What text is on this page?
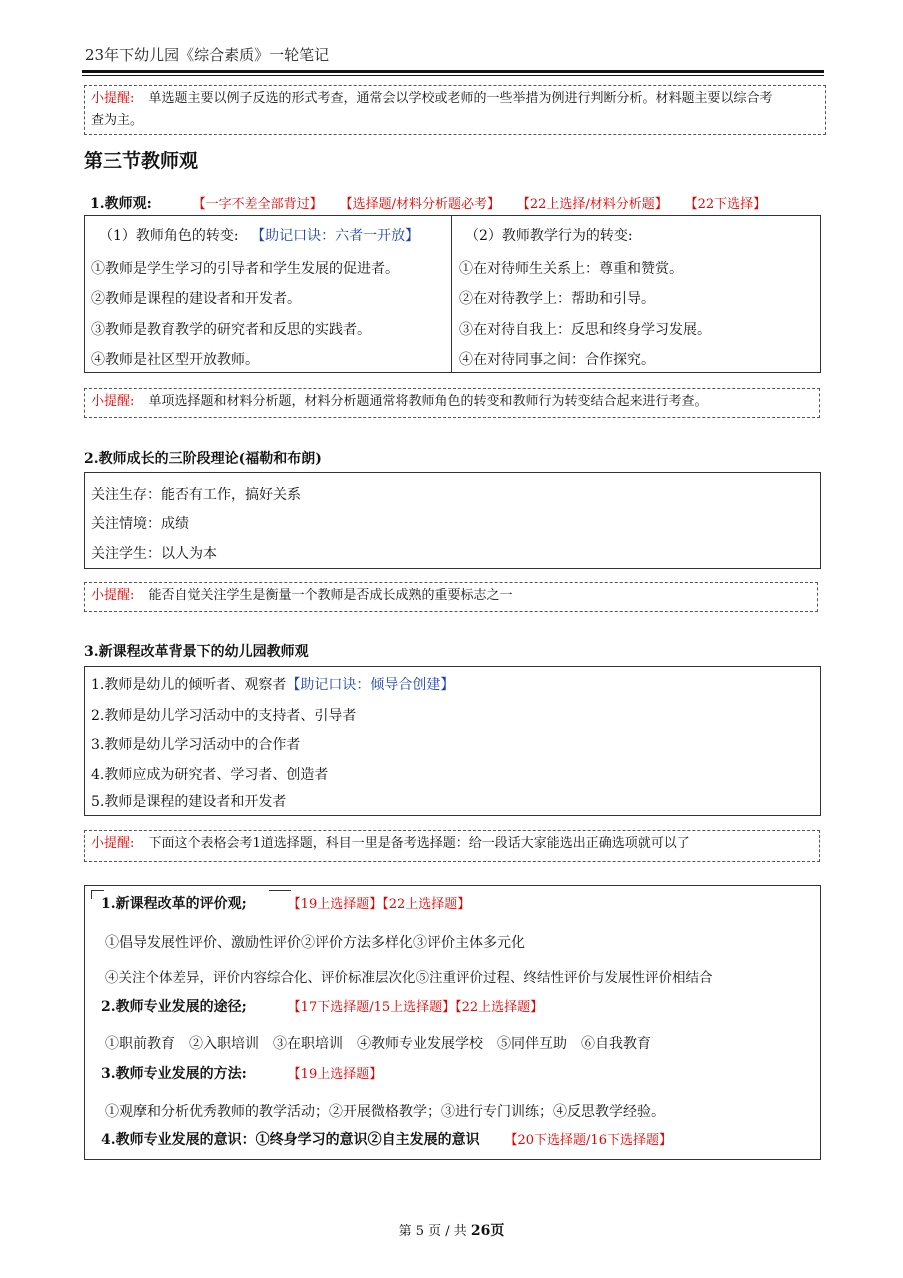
23年下幼儿园《综合素质》一轮笔记
小提醒: 单选题主要以例子反选的形式考查，通常会以学校或老师的一些举措为例进行判断分析。材料题主要以综合考
查为主。
第三节教师观
1.教师观:	【一字不差全部背过】 【选择题/材料分析题必考】 【22上选择/材料分析题】 【22下选择】
（1）教师角色的转变: 【助记口诀：六者一开放】
①教师是学生学习的引导者和学生发展的促进者。
②教师是课程的建设者和开发者。
③教师是教育教学的研究者和反思的实践者。
④教师是社区型开放教师。
（2）教师教学行为的转变:
①在对待师生关系上：尊重和赞赏。
②在对待教学上：帮助和引导。
③在对待自我上：反思和终身学习发展。
④在对待同事之间：合作探究。
小提醒: 单项选择题和材料分析题，材料分析题通常将教师角色的转变和教师行为转变结合起来进行考查。
2.教师成长的三阶段理论(福勒和布朗)
关注生存：能否有工作，搞好关系
关注情境：成绩
关注学生：以人为本
小提醒: 能否自觉关注学生是衡量一个教师是否成长成熟的重要标志之一
3.新课程改革背景下的幼儿园教师观
1.教师是幼儿的倾听者、观察者【助记口诀：倾导合创建】
2.教师是幼儿学习活动中的支持者、引导者
3.教师是幼儿学习活动中的合作者
4.教师应成为研究者、学习者、创造者
5.教师是课程的建设者和开发者
小提醒: 下面这个表格会考1道选择题，科目一里是备考选择题：给一段话大家能选出正确选项就可以了
1.新课程改革的评价观;	【19上选择题】【22上选择题】
①倡导发展性评价、激励性评价②评价方法多样化③评价主体多元化
④关注个体差异，评价内容综合化、评价标准层次化⑤注重评价过程、终结性评价与发展性评价相结合
2.教师专业发展的途径;	【17下选择题/15上选择题】【22上选择题】
①职前教育　②入职培训　③在职培训　④教师专业发展学校　⑤同伴互助　⑥自我教育
3.教师专业发展的方法:	【19上选择题】
①观摩和分析优秀教师的教学活动；②开展微格教学；③进行专门训练；④反思教学经验。
4.教师专业发展的意识：①终身学习的意识②自主发展的意识 【20下选择题/16下选择题】
第 5 页 / 共 26页
